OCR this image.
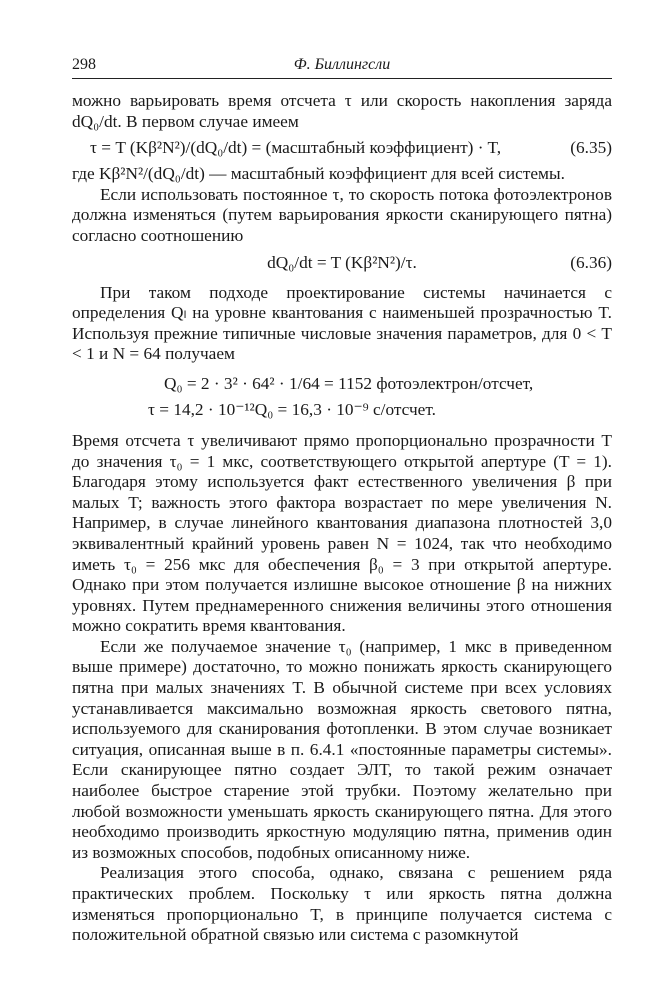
298	Ф. Биллингсли

можно варьировать время отсчета τ или скорость накопления заряда dQ₀/dt. В первом случае имеем

τ = T (Kβ²N²)/(dQ₀/dt) = (масштабный коэффициент) · T,	(6.35)

где Kβ²N²/(dQ₀/dt) — масштабный коэффициент для всей системы.

Если использовать постоянное τ, то скорость потока фотоэлектронов должна изменяться (путем варьирования яркости сканирующего пятна) согласно соотношению

dQ₀/dt = T (Kβ²N²)/τ.	(6.36)

При таком подходе проектирование системы начинается с определения Qₗ на уровне квантования с наименьшей прозрачностью T. Используя прежние типичные числовые значения параметров, для 0 < T < 1 и N = 64 получаем

Q₀ = 2 · 3² · 64² · 1/64 = 1152 фотоэлектрон/отсчет,
τ = 14,2 · 10⁻¹²Q₀ = 16,3 · 10⁻⁹ с/отсчет.

Время отсчета τ увеличивают прямо пропорционально прозрачности T до значения τ₀ = 1 мкс, соответствующего открытой апертуре (T = 1). Благодаря этому используется факт естественного увеличения β при малых T; важность этого фактора возрастает по мере увеличения N. Например, в случае линейного квантования диапазона плотностей 3,0 эквивалентный крайний уровень равен N = 1024, так что необходимо иметь τ₀ = 256 мкс для обеспечения β₀ = 3 при открытой апертуре. Однако при этом получается излишне высокое отношение β на нижних уровнях. Путем преднамеренного снижения величины этого отношения можно сократить время квантования.

Если же получаемое значение τ₀ (например, 1 мкс в приведенном выше примере) достаточно, то можно понижать яркость сканирующего пятна при малых значениях T. В обычной системе при всех условиях устанавливается максимально возможная яркость светового пятна, используемого для сканирования фотопленки. В этом случае возникает ситуация, описанная выше в п. 6.4.1 «постоянные параметры системы». Если сканирующее пятно создает ЭЛТ, то такой режим означает наиболее быстрое старение этой трубки. Поэтому желательно при любой возможности уменьшать яркость сканирующего пятна. Для этого необходимо производить яркостную модуляцию пятна, применив один из возможных способов, подобных описанному ниже.

Реализация этого способа, однако, связана с решением ряда практических проблем. Поскольку τ или яркость пятна должна изменяться пропорционально T, в принципе получается система с положительной обратной связью или система с разомкнутой
